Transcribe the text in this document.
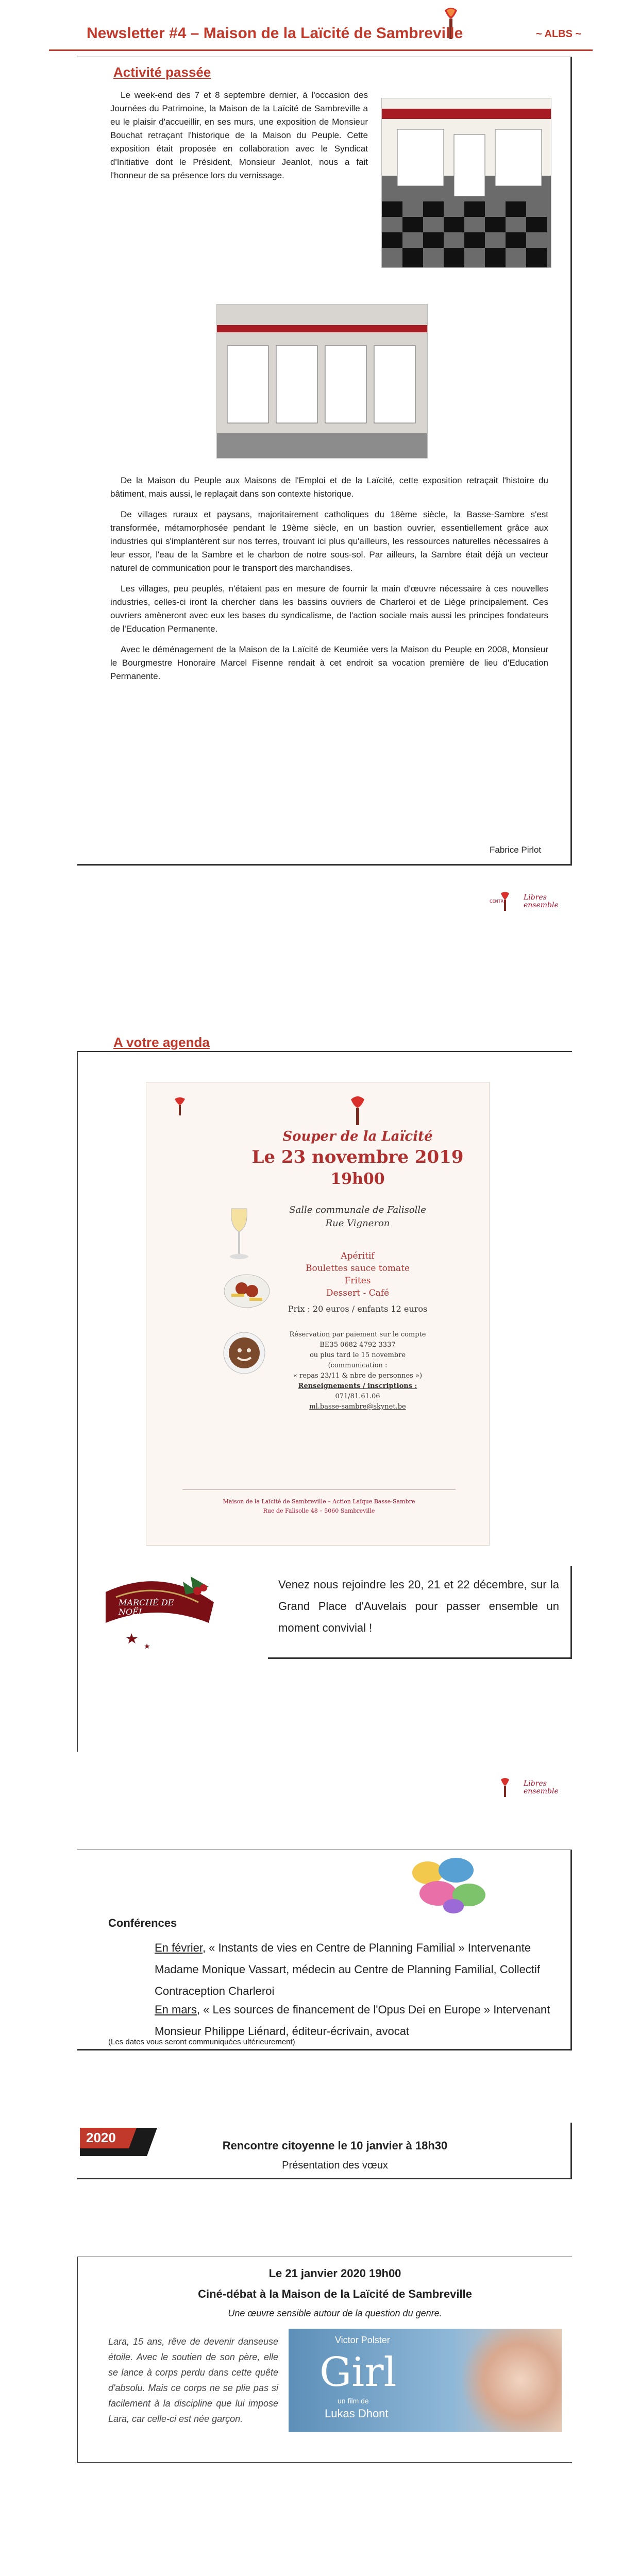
Newsletter #4 – Maison de la Laïcité de Sambreville	~ ALBS ~
Activité passée

Le week-end des 7 et 8 septembre dernier, à l'occasion des Journées du Patrimoine, la Maison de la Laïcité de Sambreville a eu le plaisir d'accueillir, en ses murs, une exposition de Monsieur Bouchat retraçant l'historique de la Maison du Peuple. Cette exposition était proposée en collaboration avec le Syndicat d'Initiative dont le Président, Monsieur Jeanlot, nous a fait l'honneur de sa présence lors du vernissage.

De la Maison du Peuple aux Maisons de l'Emploi et de la Laïcité, cette exposition retraçait l'histoire du bâtiment, mais aussi, le replaçait dans son contexte historique.

De villages ruraux et paysans, majoritairement catholiques du 18ème siècle, la Basse-Sambre s'est transformée, métamorphosée pendant le 19ème siècle, en un bastion ouvrier, essentiellement grâce aux industries qui s'implantèrent sur nos terres, trouvant ici plus qu'ailleurs, les ressources naturelles nécessaires à leur essor, l'eau de la Sambre et le charbon de notre sous-sol. Par ailleurs, la Sambre était déjà un vecteur naturel de communication pour le transport des marchandises.

Les villages, peu peuplés, n'étaient pas en mesure de fournir la main d'œuvre nécessaire à ces nouvelles industries, celles-ci iront la chercher dans les bassins ouvriers de Charleroi et de Liège principalement. Ces ouvriers amèneront avec eux les bases du syndicalisme, de l'action sociale mais aussi les principes fondateurs de l'Education Permanente.

Avec le déménagement de la Maison de la Laïcité de Keumiée vers la Maison du Peuple en 2008, Monsieur le Bourgmestre Honoraire Marcel Fisenne rendait à cet endroit sa vocation première de lieu d'Education Permanente.

Fabrice Pirlot
CENTRE Libres
ensemble
A votre agenda
Souper de la Laïcité
Le 23 novembre 2019
19h00
Salle communale de Falisolle
Rue Vigneron
Apéritif
Boulettes sauce tomate
Frites
Dessert - Café
Prix : 20 euros / enfants 12 euros
Réservation par paiement sur le compte
BE35 0682 4792 3337
ou plus tard le 15 novembre
(communication :
« repas 23/11 & nbre de personnes »)
Renseignements / inscriptions :
071/81.61.06
ml.basse-sambre@skynet.be
Maison de la Laïcité de Sambreville – Action Laïque Basse-Sambre
Rue de Falisolle 48 – 5060 Sambreville
MARCHÉ DE NOËL
Venez nous rejoindre les 20, 21 et 22 décembre, sur la Grand Place d'Auvelais pour passer ensemble un moment convivial !
Libres
ensemble
Conférences
En février, « Instants de vies en Centre de Planning Familial » Intervenante Madame Monique Vassart, médecin au Centre de Planning Familial, Collectif Contraception Charleroi
En mars, « Les sources de financement de l'Opus Dei en Europe » Intervenant Monsieur Philippe Liénard, éditeur-écrivain, avocat
(Les dates vous seront communiquées ultérieurement)
2020
Rencontre citoyenne le 10 janvier à 18h30
Présentation des vœux
Le 21 janvier 2020 19h00
Ciné-débat à la Maison de la Laïcité de Sambreville
Une œuvre sensible autour de la question du genre.
Lara, 15 ans, rêve de devenir danseuse étoile. Avec le soutien de son père, elle se lance à corps perdu dans cette quête d'absolu. Mais ce corps ne se plie pas si facilement à la discipline que lui impose Lara, car celle-ci est née garçon.
Victor Polster
Girl
un film de
Lukas Dhont
